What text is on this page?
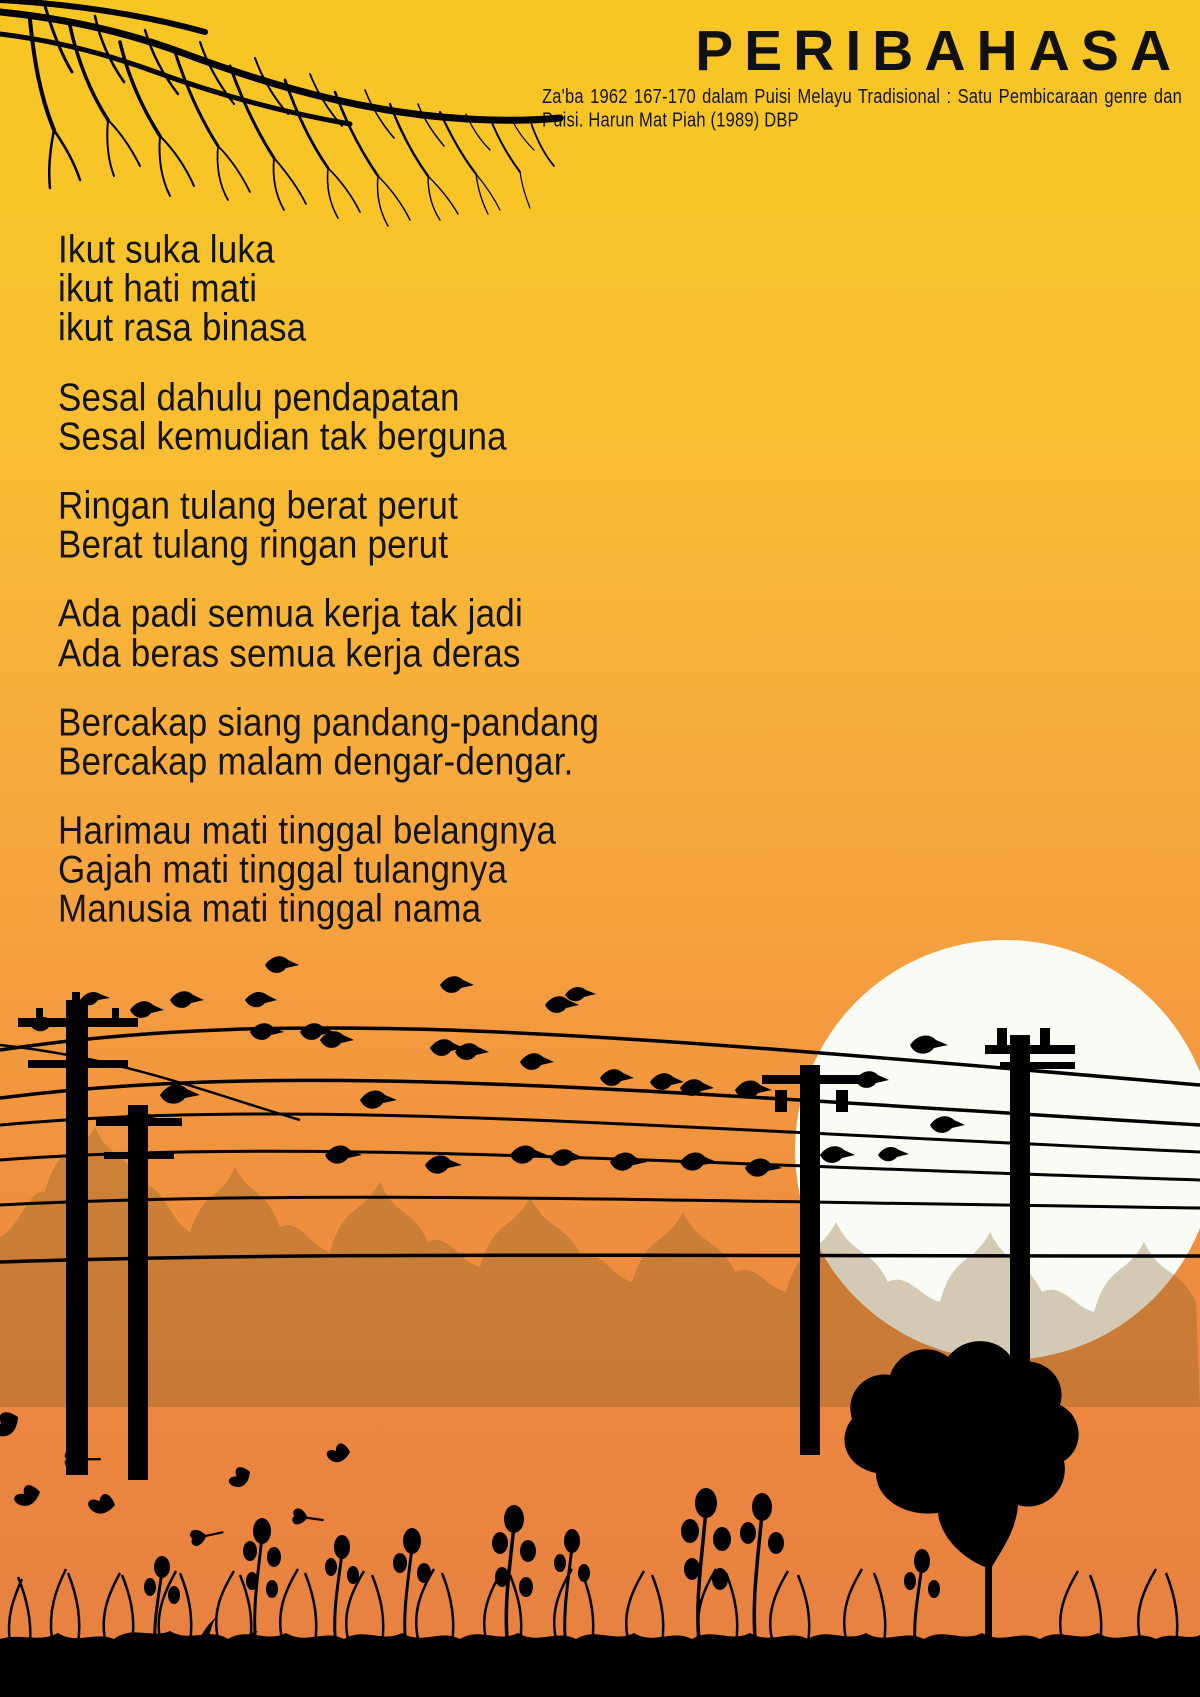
PERIBAHASA

Za'ba 1962 167-170 dalam Puisi Melayu Tradisional : Satu Pembicaraan genre dan Puisi. Harun Mat Piah (1989) DBP

Ikut suka luka
ikut hati mati
ikut rasa binasa
Sesal dahulu pendapatan
Sesal kemudian tak berguna
Ringan tulang berat perut
Berat tulang ringan perut
Ada padi semua kerja tak jadi
Ada beras semua kerja deras
Bercakap siang pandang-pandang
Bercakap malam dengar-dengar.
Harimau mati tinggal belangnya
Gajah mati tinggal tulangnya
Manusia mati tinggal nama
